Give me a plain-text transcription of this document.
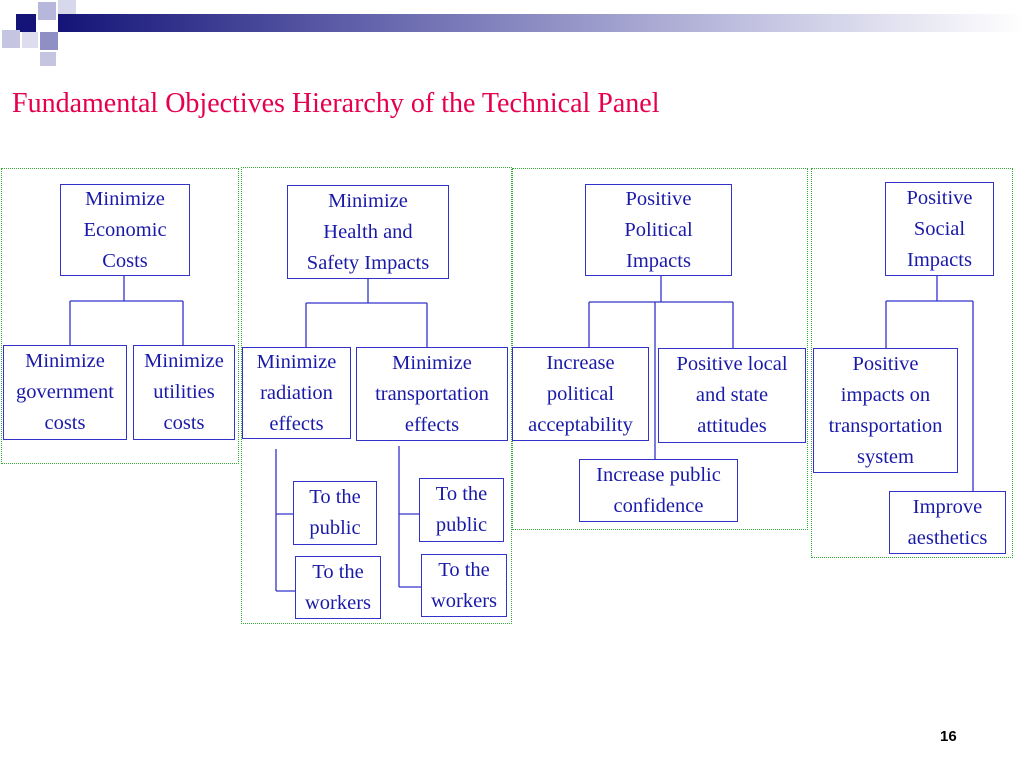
Fundamental Objectives Hierarchy of the Technical Panel
Minimize
Economic
Costs
Minimize
government
costs
Minimize
utilities
costs
Minimize
Health and
Safety Impacts
Minimize
radiation
effects
Minimize
transportation
effects
To the
public
To the
workers
To the
public
To the
workers
Positive
Political
Impacts
Increase
political
acceptability
Increase public
confidence
Positive local
and state
attitudes
Positive
Social
Impacts
Positive
impacts on
transportation
system
Improve
aesthetics
16
